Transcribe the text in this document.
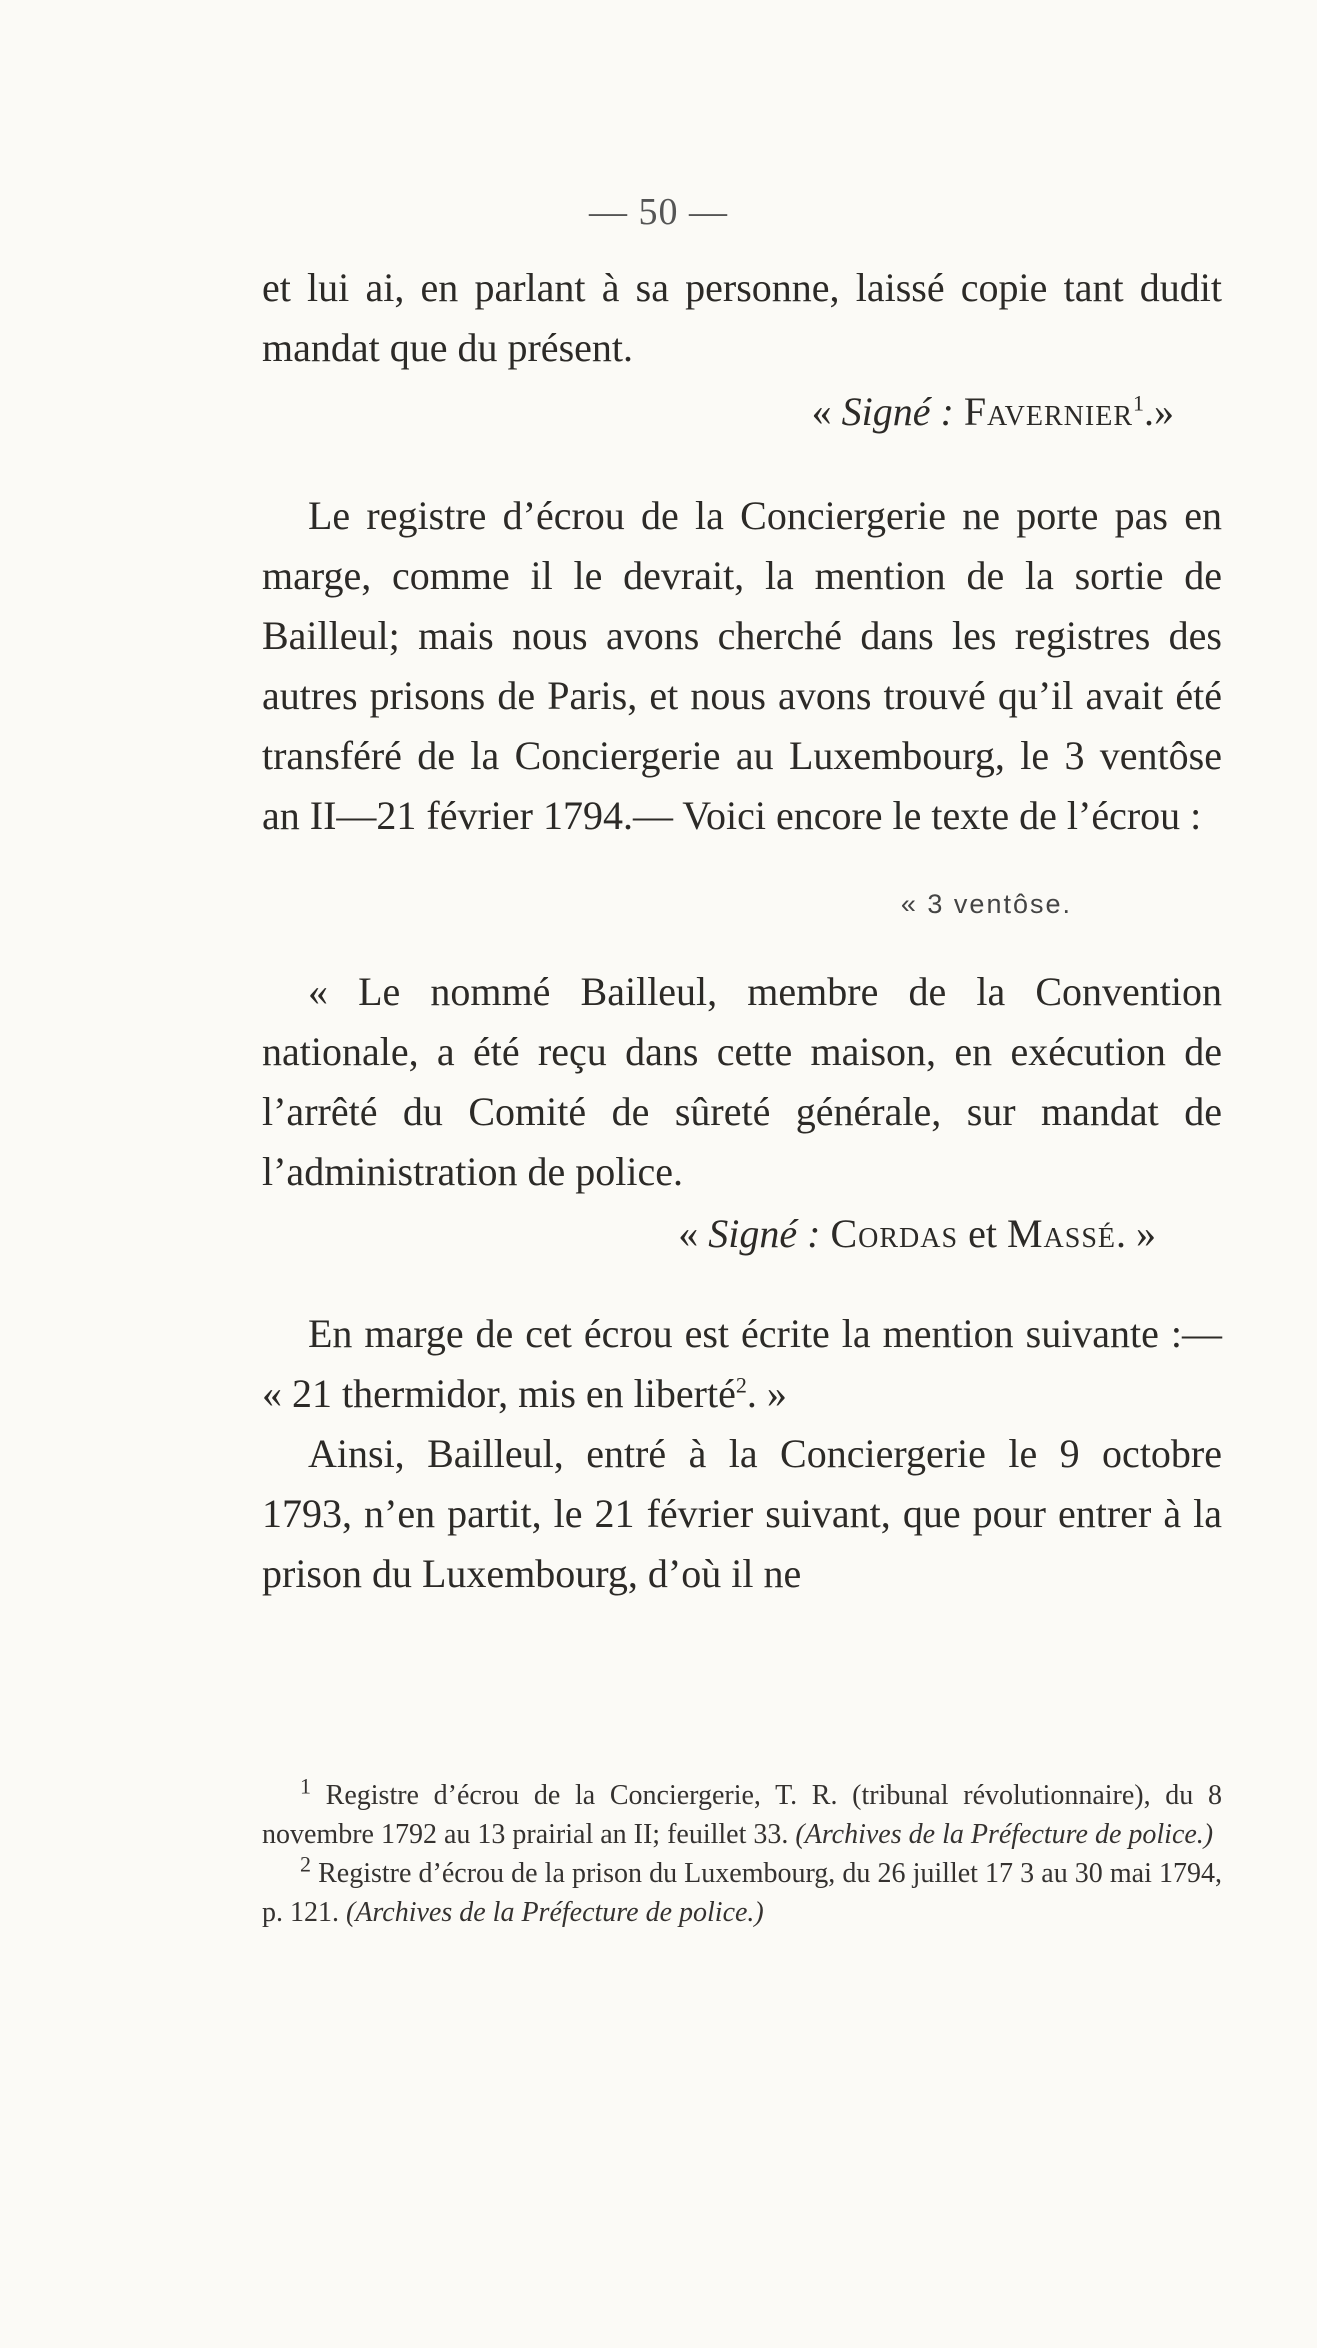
— 50 —

et lui ai, en parlant à sa personne, laissé copie tant dudit mandat que du présent.

« Signé : Favernier$^1$.»

Le registre d’écrou de la Conciergerie ne porte pas en marge, comme il le devrait, la mention de la sortie de Bailleul; mais nous avons cherché dans les registres des autres prisons de Paris, et nous avons trouvé qu’il avait été transféré de la Conciergerie au Luxembourg, le 3 ventôse an II—21 février 1794.— Voici encore le texte de l’écrou :

« 3 ventôse.

« Le nommé Bailleul, membre de la Convention nationale, a été reçu dans cette maison, en exécution de l’arrêté du Comité de sûreté générale, sur mandat de l’administration de police.

« Signé : Cordas et Massé. »

En marge de cet écrou est écrite la mention suivante :— « 21 thermidor, mis en liberté$^2$. »

Ainsi, Bailleul, entré à la Conciergerie le 9 octobre 1793, n’en partit, le 21 février suivant, que pour entrer à la prison du Luxembourg, d’où il ne

$^1$ Registre d’écrou de la Conciergerie, T. R. (tribunal révolutionnaire), du 8 novembre 1792 au 13 prairial an II; feuillet 33. (Archives de la Préfecture de police.)

$^2$ Registre d’écrou de la prison du Luxembourg, du 26 juillet 17 3 au 30 mai 1794, p. 121. (Archives de la Préfecture de police.)
